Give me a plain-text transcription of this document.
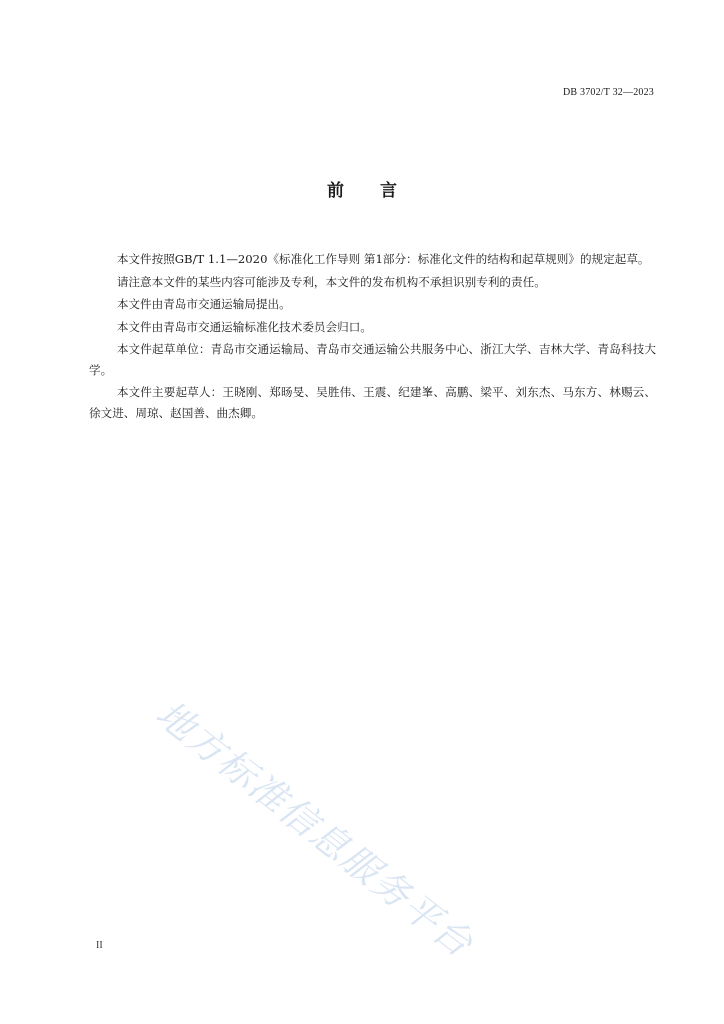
DB 3702/T 32—2023
前 言

本文件按照GB/T 1.1—2020《标准化工作导则 第1部分：标准化文件的结构和起草规则》的规定起草。

请注意本文件的某些内容可能涉及专利，本文件的发布机构不承担识别专利的责任。

本文件由青岛市交通运输局提出。

本文件由青岛市交通运输标准化技术委员会归口。

本文件起草单位：青岛市交通运输局、青岛市交通运输公共服务中心、浙江大学、吉林大学、青岛科技大学。

本文件主要起草人：王晓刚、郑旸旻、吴胜伟、王震、纪建峯、高鹏、梁平、刘东杰、马东方、林赐云、徐文进、周琼、赵国善、曲杰卿。

地方标准信息服务平台
II
